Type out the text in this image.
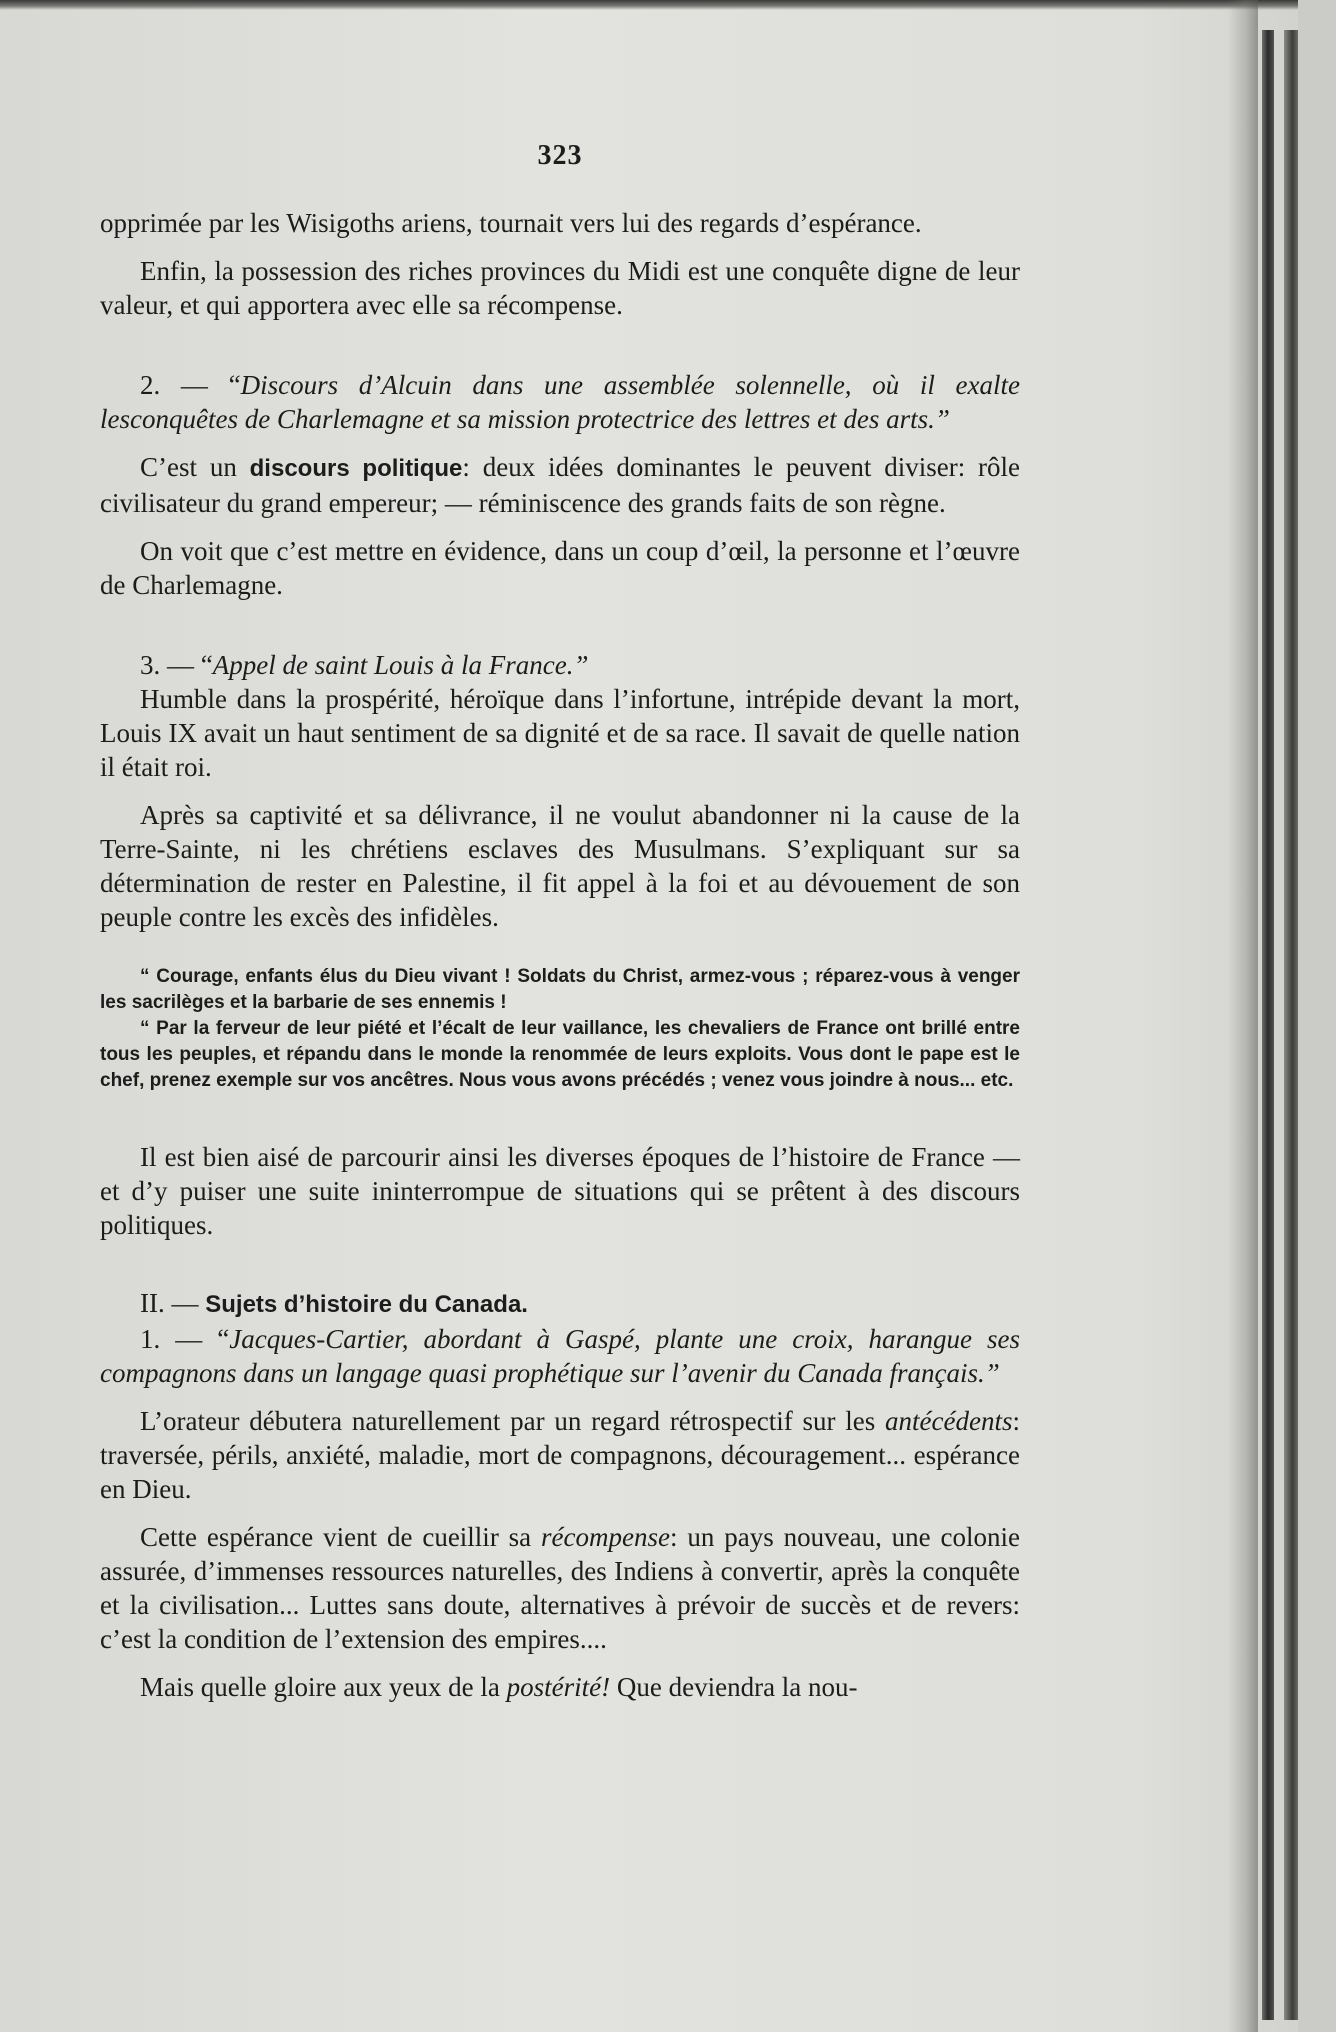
323

opprimée par les Wisigoths ariens, tournait vers lui des regards d’espérance.

Enfin, la possession des riches provinces du Midi est une conquête digne de leur valeur, et qui apportera avec elle sa récompense.

2. — “Discours d’Alcuin dans une assemblée solennelle, où il exalte lesconquêtes de Charlemagne et sa mission protectrice des lettres et des arts.”

C’est un discours politique: deux idées dominantes le peuvent diviser: rôle civilisateur du grand empereur; — réminiscence des grands faits de son règne.

On voit que c’est mettre en évidence, dans un coup d’œil, la personne et l’œuvre de Charlemagne.

3. — “Appel de saint Louis à la France.”

Humble dans la prospérité, héroïque dans l’infortune, intrépide devant la mort, Louis IX avait un haut sentiment de sa dignité et de sa race. Il savait de quelle nation il était roi.

Après sa captivité et sa délivrance, il ne voulut abandonner ni la cause de la Terre-Sainte, ni les chrétiens esclaves des Musulmans. S’expliquant sur sa détermination de rester en Palestine, il fit appel à la foi et au dévouement de son peuple contre les excès des infidèles.

“ Courage, enfants élus du Dieu vivant ! Soldats du Christ, armez-vous ; réparez-vous à venger les sacrilèges et la barbarie de ses ennemis !

“ Par la ferveur de leur piété et l’écalt de leur vaillance, les chevaliers de France ont brillé entre tous les peuples, et répandu dans le monde la renommée de leurs exploits. Vous dont le pape est le chef, prenez exemple sur vos ancêtres. Nous vous avons précédés ; venez vous joindre à nous... etc.

Il est bien aisé de parcourir ainsi les diverses époques de l’histoire de France — et d’y puiser une suite ininterrompue de situations qui se prêtent à des discours politiques.

II. — Sujets d’histoire du Canada.

1. — “Jacques-Cartier, abordant à Gaspé, plante une croix, harangue ses compagnons dans un langage quasi prophétique sur l’avenir du Canada français.”

L’orateur débutera naturellement par un regard rétrospectif sur les antécédents: traversée, périls, anxiété, maladie, mort de compagnons, découragement... espérance en Dieu.

Cette espérance vient de cueillir sa récompense: un pays nouveau, une colonie assurée, d’immenses ressources naturelles, des Indiens à convertir, après la conquête et la civilisation... Luttes sans doute, alternatives à prévoir de succès et de revers: c’est la condition de l’extension des empires....

Mais quelle gloire aux yeux de la postérité! Que deviendra la nou-
